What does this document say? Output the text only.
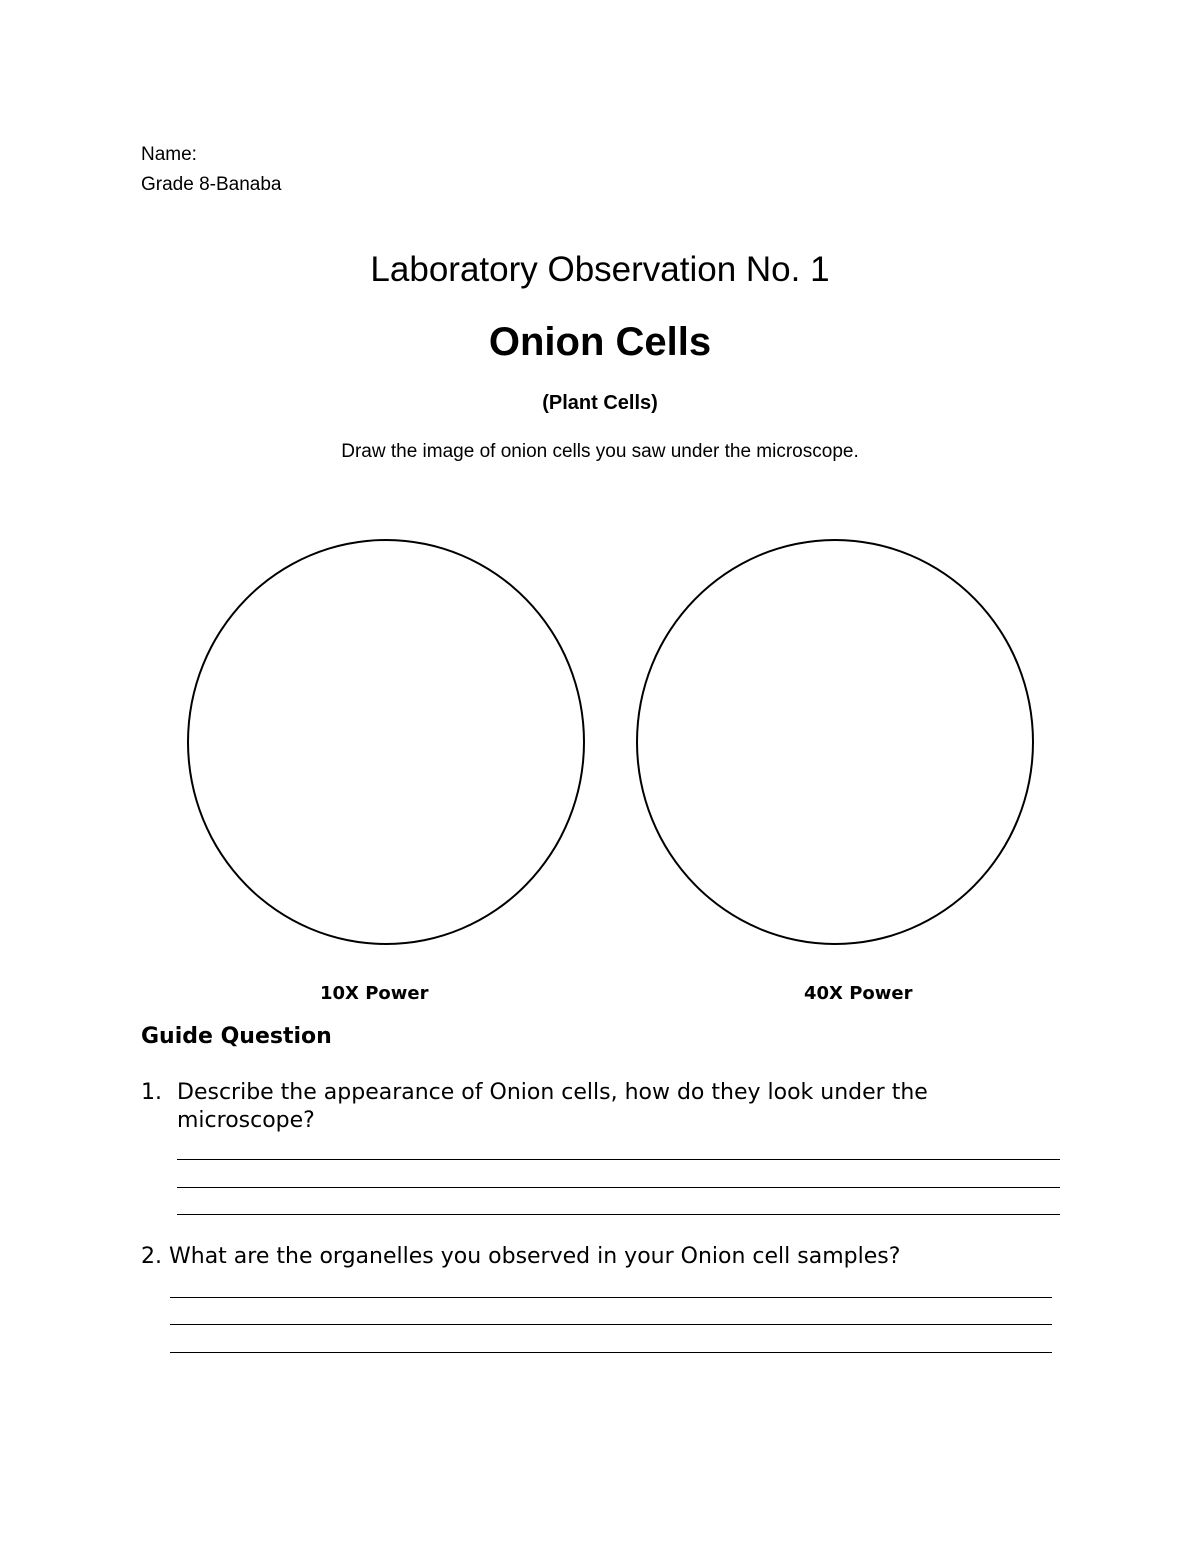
Name:
Grade 8-Banaba
Laboratory Observation No. 1
Onion Cells
(Plant Cells)
Draw the image of onion cells you saw under the microscope.
10X Power	40X Power
Guide Question
1. Describe the appearance of Onion cells, how do they look under the microscope?
2. What are the organelles you observed in your Onion cell samples?
